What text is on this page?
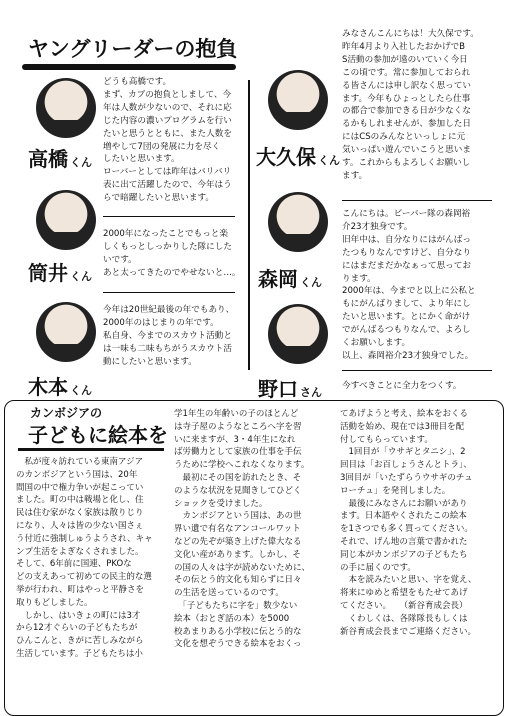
ヤングリーダーの抱負
高橋 くん
どうも高橋です。
まず、カブの抱負としまして、今
年は人数が少ないので、それに応
じた内容の濃いプログラムを行い
たいと思うとともに、また人数を
増やして7団の発展に力を尽く
したいと思います。
ローバーとしては昨年はバリバリ
表に出て活躍したので、今年はう
らで暗躍したいと思います。
筒井 くん
2000年になったことでもっと楽
しくもっとしっかりした隊にした
いです。
あと太ってきたのでやせないと…。
木本 くん
今年は20世紀最後の年でもあり、
2000年のはじまりの年です。
私自身、今までのスカウト活動と
は一味も二味もちがうスカウト活
動にしたいと思います。
大久保 くん
みなさんこんにちは！大久保です。
昨年4月より入社したおかげでB
S活動の参加が遠のいていく今日
この頃です。常に参加しておられ
る皆さんには申し訳なく思ってい
ます。今年もひょっとしたら仕事
の都合で参加できる日が少なくな
るかもしれませんが、参加した日
にはCSのみんなといっしょに元
気いっぱい遊んでいこうと思いま
す。これからもよろしくお願いし
ます。
森岡 くん
こんにちは。ビーバー隊の森岡裕
介23才独身です。
旧年中は、自分なりにはがんばっ
たつもりなんですけど、自分なり
にはまだまだかなぁって思ってお
ります。
2000年は、今までと以上に公私と
もにがんばりまして、より年にし
たいと思います。とにかく命がけ
でがんばるつもりなんで、よろし
くお願いします。
以上、森岡裕介23才独身でした。
野口 さん 今すべきことに全力をつくす。
カンボジアの
子どもに絵本を
　私が度々訪れている東南アジア
のカンボジアという国は、20年
間国の中で権力争いが起こってい
ました。町の中は戦場と化し、住
民は住む家がなく家族は散りじり
になり、人々は皆の少ない国さぇ
う付近に強制しゅうようされ、キャ
ンプ生活をよぎなくされました。
そして、6年前に国連、PKOな
どの支えあって初めての民主的な選
挙が行われ、町はやっと平静さを
取りもどしました。
　しかし、はいきょの町には3才
から12才ぐらいの子どもたちが
ひんこんと、きがに苦しみながら
生活しています。子どもたちは小
学1年生の年齢いの子のほとんど
は寺子屋のようなところへ字を習
いに来ますが、3・4年生になれ
ば労働力として家族の仕事を手伝
うために学校へこれなくなります。
　最初にその国を訪れたとき、そ
のような状況を見聞きしてひどく
ショックを受けました。
　カンボジアという国は、あの世
界い遺で有名なアンコールワット
などの先ぞが築き上げた偉大なる
文化い産があります。しかし、そ
の国の人々は字が読めないために、
その伝とう的文化も知らずに日々
の生活を送っているのです。
　「子どもたちに字を」数少ない
絵本（おとぎ話の本）を5000
校あまりある小学校に伝とう的な
文化を想ぞうできる絵本をおくっ
てあげようと考え、絵本をおくる
活動を始め、現在では3冊目を配
付してもらっています。
　1回目が「ウサギとタニシ」、2
回目は「お百しょうさんとトラ」、
3回目が「いたずらうウサギのチュ
ローチュ」を発刊しました。
　最後にみなさんにお願いがあり
ます。日本語やくされたこの絵本
を1さつでも多く買ってください。
それで、げん地の言葉で書かれた
同じ本がカンボジアの子どもたち
の手に届くのです。
　本を読みたいと思い、字を覚え、
将来にゆめと希望をもたせてあげ
てください。　　（新谷育成会長）
　くわしくは、各隊隊長もしくは
新谷育成会長までご連絡ください。
